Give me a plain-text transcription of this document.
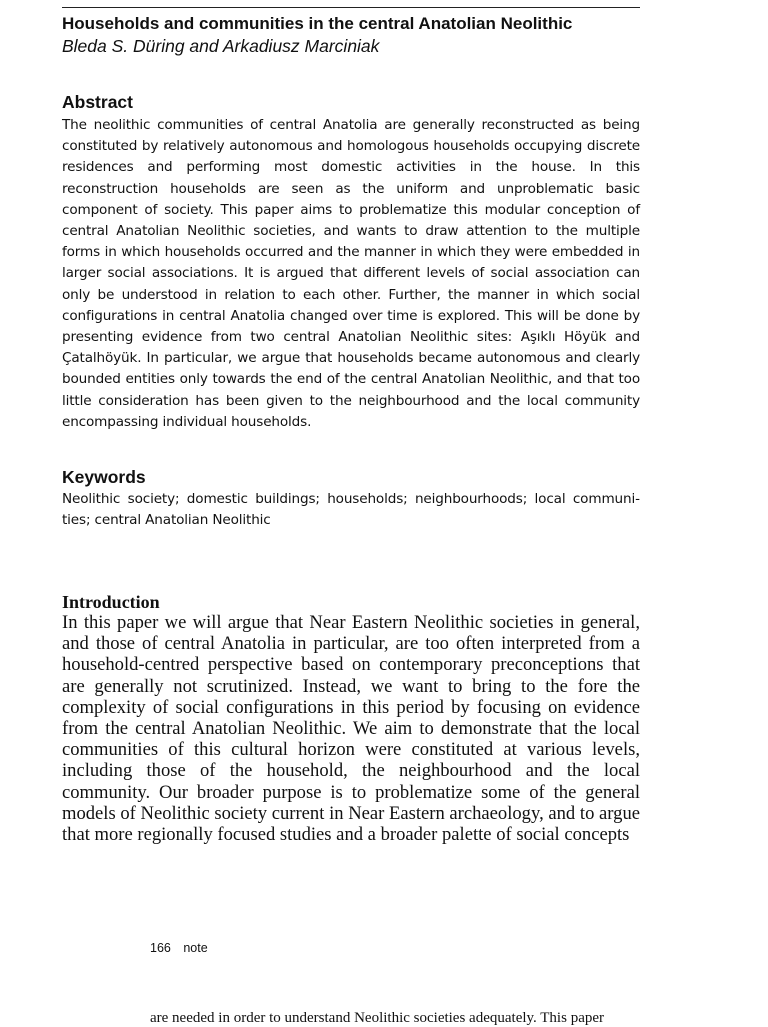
Households and communities in the central Anatolian Neolithic

Bleda S. Düring and Arkadiusz Marciniak

Abstract

The neolithic communities of central Anatolia are generally reconstructed as being constituted by relatively autonomous and homologous households occupying discrete residences and performing most domestic activities in the house. In this reconstruction households are seen as the uniform and unproblematic basic component of society. This paper aims to problematize this modular conception of central Anatolian Neolithic societies, and wants to draw attention to the multiple forms in which households occurred and the manner in which they were embedded in larger social associations. It is argued that different levels of social association can only be understood in relation to each other. Further, the manner in which social configurations in central Anatolia changed over time is explored. This will be done by presenting evidence from two central Anatolian Neolithic sites: Aşıklı Höyük and Çatalhöyük. In particular, we argue that households became autonomous and clearly bounded entities only towards the end of the central Anatolian Neolithic, and that too little consideration has been given to the neighbourhood and the local community encompassing individual households.

Keywords

Neolithic society; domestic buildings; households; neighbourhoods; local communities; central Anatolian Neolithic

Introduction

In this paper we will argue that Near Eastern Neolithic societies in general, and those of central Anatolia in particular, are too often interpreted from a household-centred perspective based on contemporary preconceptions that are generally not scrutinized. Instead, we want to bring to the fore the complexity of social configurations in this period by focusing on evidence from the central Anatolian Neolithic. We aim to demonstrate that the local communities of this cultural horizon were constituted at various levels, including those of the household, the neighbourhood and the local community. Our broader purpose is to problematize some of the general models of Neolithic society current in Near Eastern archaeology, and to argue that more regionally focused studies and a broader palette of social concepts

166 note

are needed in order to understand Neolithic societies adequately. This paper
